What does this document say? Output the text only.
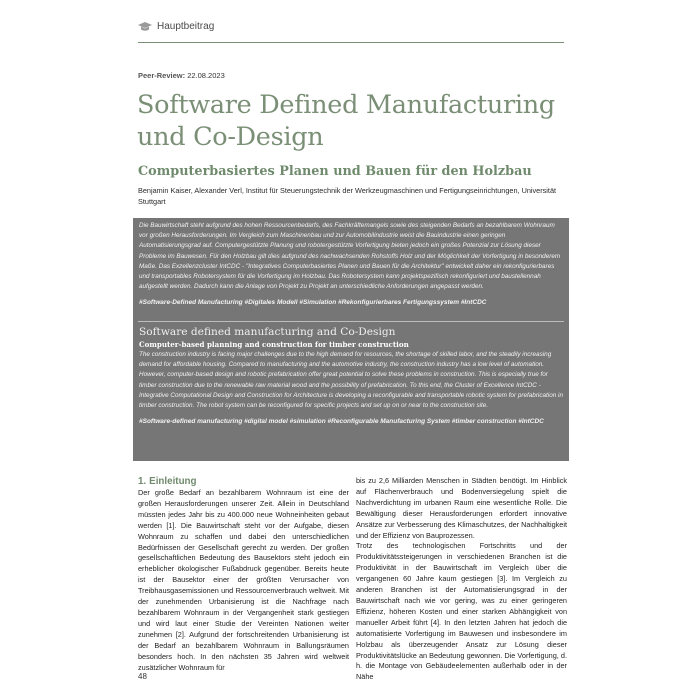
Hauptbeitrag
Peer-Review: 22.08.2023
Software Defined Manufacturing
und Co-Design
Computerbasiertes Planen und Bauen für den Holzbau

Benjamin Kaiser, Alexander Verl, Institut für Steuerungstechnik der Werkzeugmaschinen und Fertigungseinrichtungen, Universität Stuttgart

Die Bauwirtschaft steht aufgrund des hohen Ressourcenbedarfs, des Fachkräftemangels sowie des steigenden Bedarfs an bezahlbarem Wohnraum vor großen Herausforderungen. Im Vergleich zum Maschinenbau und zur Automobilindustrie weist die Bauindustrie einen geringen Automatisierungsgrad auf. Computergestützte Planung und robotergestützte Vorfertigung bieten jedoch ein großes Potenzial zur Lösung dieser Probleme im Bauwesen. Für den Holzbau gilt dies aufgrund des nachwachsenden Rohstoffs Holz und der Möglichkeit der Vorfertigung in besonderem Maße. Das Exzellenzcluster IntCDC - "Integratives Computerbasiertes Planen und Bauen für die Architektur" entwickelt daher ein rekonfigurierbares und transportables Robotersystem für die Vorfertigung im Holzbau. Das Robotersystem kann projektspezifisch rekonfiguriert und baustellennah aufgestellt werden. Dadurch kann die Anlage von Projekt zu Projekt an unterschiedliche Anforderungen angepasst werden.

#Software-Defined Manufacturing #Digitales Modell #Simulation #Rekonfigurierbares Fertigungssystem #IntCDC

Software defined manufacturing and Co-Design
Computer-based planning and construction for timber construction

The construction industry is facing major challenges due to the high demand for resources, the shortage of skilled labor, and the steadily increasing demand for affordable housing. Compared to manufacturing and the automotive industry, the construction industry has a low level of automation. However, computer-based design and robotic prefabrication offer great potential to solve these problems in construction. This is especially true for timber construction due to the renewable raw material wood and the possibility of prefabrication. To this end, the Cluster of Excellence IntCDC - Integrative Computational Design and Construction for Architecture is developing a reconfigurable and transportable robotic system for prefabrication in timber construction. The robot system can be reconfigured for specific projects and set up on or near to the construction site.

#Software-defined manufacturing #digital model #simulation #Reconfigurable Manufacturing System #timber construction #IntCDC

1. Einleitung

Der große Bedarf an bezahlbarem Wohnraum ist eine der großen Herausforderungen unserer Zeit. Allein in Deutschland müssten jedes Jahr bis zu 400.000 neue Wohneinheiten gebaut werden [1]. Die Bauwirtschaft steht vor der Aufgabe, diesen Wohnraum zu schaffen und dabei den unterschiedlichen Bedürfnissen der Gesellschaft gerecht zu werden. Der großen gesellschaftlichen Bedeutung des Bausektors steht jedoch ein erheblicher ökologischer Fußabdruck gegenüber. Bereits heute ist der Bausektor einer der größten Verursacher von Treibhausgasemissionen und Ressourcenverbrauch weltweit. Mit der zunehmenden Urbanisierung ist die Nachfrage nach bezahlbarem Wohnraum in der Vergangenheit stark gestiegen und wird laut einer Studie der Vereinten Nationen weiter zunehmen [2]. Aufgrund der fortschreitenden Urbanisierung ist der Bedarf an bezahlbarem Wohnraum in Ballungsräumen besonders hoch. In den nächsten 35 Jahren wird weltweit zusätzlicher Wohnraum für

bis zu 2,6 Milliarden Menschen in Städten benötigt. Im Hinblick auf Flächenverbrauch und Bodenversiegelung spielt die Nachverdichtung im urbanen Raum eine wesentliche Rolle. Die Bewältigung dieser Herausforderungen erfordert innovative Ansätze zur Verbesserung des Klimaschutzes, der Nachhaltigkeit und der Effizienz von Bauprozessen.

Trotz des technologischen Fortschritts und der Produktivitätssteigerungen in verschiedenen Branchen ist die Produktivität in der Bauwirtschaft im Vergleich über die vergangenen 60 Jahre kaum gestiegen [3]. Im Vergleich zu anderen Branchen ist der Automatisierungsgrad in der Bauwirtschaft nach wie vor gering, was zu einer geringeren Effizienz, höheren Kosten und einer starken Abhängigkeit von manueller Arbeit führt [4]. In den letzten Jahren hat jedoch die automatisierte Vorfertigung im Bauwesen und insbesondere im Holzbau als überzeugender Ansatz zur Lösung dieser Produktivitätslücke an Bedeutung gewonnen. Die Vorfertigung, d. h. die Montage von Gebäudeelementen außerhalb oder in der Nähe

48
